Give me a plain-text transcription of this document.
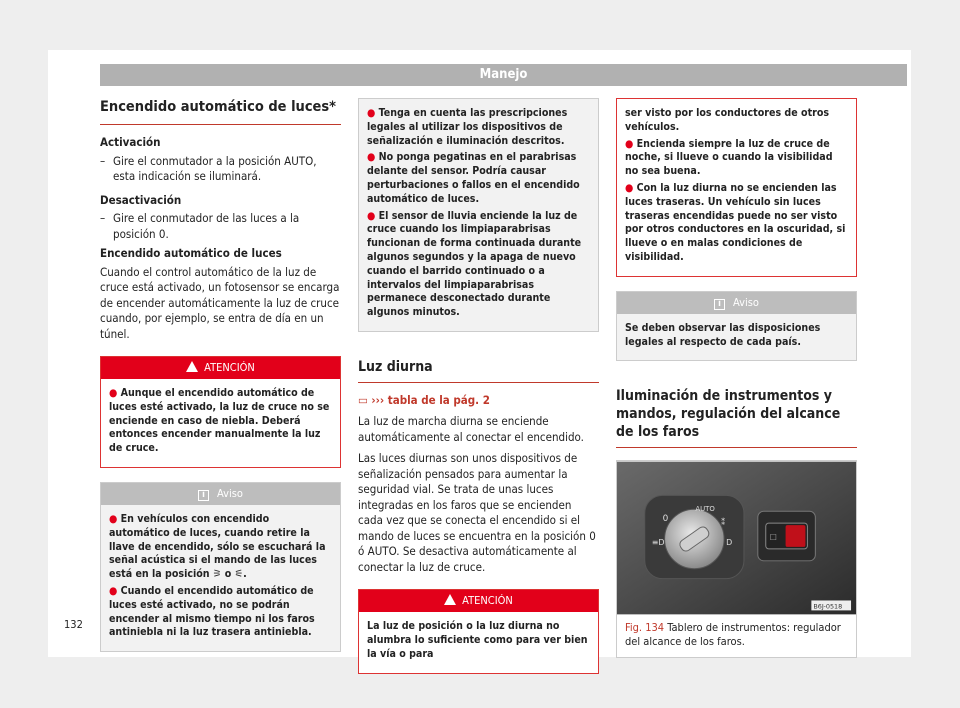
Manejo
Encendido automático de luces*
Activación
– Gire el conmutador a la posición AUTO, esta indicación se iluminará.
Desactivación
– Gire el conmutador de las luces a la posición 0.
Encendido automático de luces

Cuando el control automático de la luz de cruce está activado, un fotosensor se encarga de encender automáticamente la luz de cruce cuando, por ejemplo, se entra de día en un túnel.

ATENCIÓN
● Aunque el encendido automático de luces esté activado, la luz de cruce no se enciende en caso de niebla. Deberá entonces encender manualmente la luz de cruce.
i Aviso
● En vehículos con encendido automático de luces, cuando retire la llave de encendido, sólo se escuchará la señal acústica si el mando de las luces está en la posición ⚞ o ⚟.
● Cuando el encendido automático de luces esté activado, no se podrán encender al mismo tiempo ni los faros antiniebla ni la luz trasera antiniebla.
● Tenga en cuenta las prescripciones legales al utilizar los dispositivos de señalización e iluminación descritos.
● No ponga pegatinas en el parabrisas delante del sensor. Podría causar perturbaciones o fallos en el encendido automático de luces.
● El sensor de lluvia enciende la luz de cruce cuando los limpiaparabrisas funcionan de forma continuada durante algunos segundos y la apaga de nuevo cuando el barrido continuado o a intervalos del limpiaparabrisas permanece desconectado durante algunos minutos.
Luz diurna

▭ ››› tabla de la pág. 2

La luz de marcha diurna se enciende automáticamente al conectar el encendido.

Las luces diurnas son unos dispositivos de señalización pensados para aumentar la seguridad vial. Se trata de unas luces integradas en los faros que se encienden cada vez que se conecta el encendido si el mando de luces se encuentra en la posición 0 ó AUTO. Se desactiva automáticamente al conectar la luz de cruce.

ATENCIÓN
La luz de posición o la luz diurna no alumbra lo suficiente como para ver bien la vía o para
ser visto por los conductores de otros vehículos.
● Encienda siempre la luz de cruce de noche, si llueve o cuando la visibilidad no sea buena.
● Con la luz diurna no se encienden las luces traseras. Un vehículo sin luces traseras encendidas puede no ser visto por otros conductores en la oscuridad, si llueve o en malas condiciones de visibilidad.
i Aviso
Se deben observar las disposiciones legales al respecto de cada país.
Iluminación de instrumentos y mandos, regulación del alcance de los faros
0
AUTO
≡D
⁑
D
☐
B6J-0518
Fig. 134 Tablero de instrumentos: regulador del alcance de los faros.
132
